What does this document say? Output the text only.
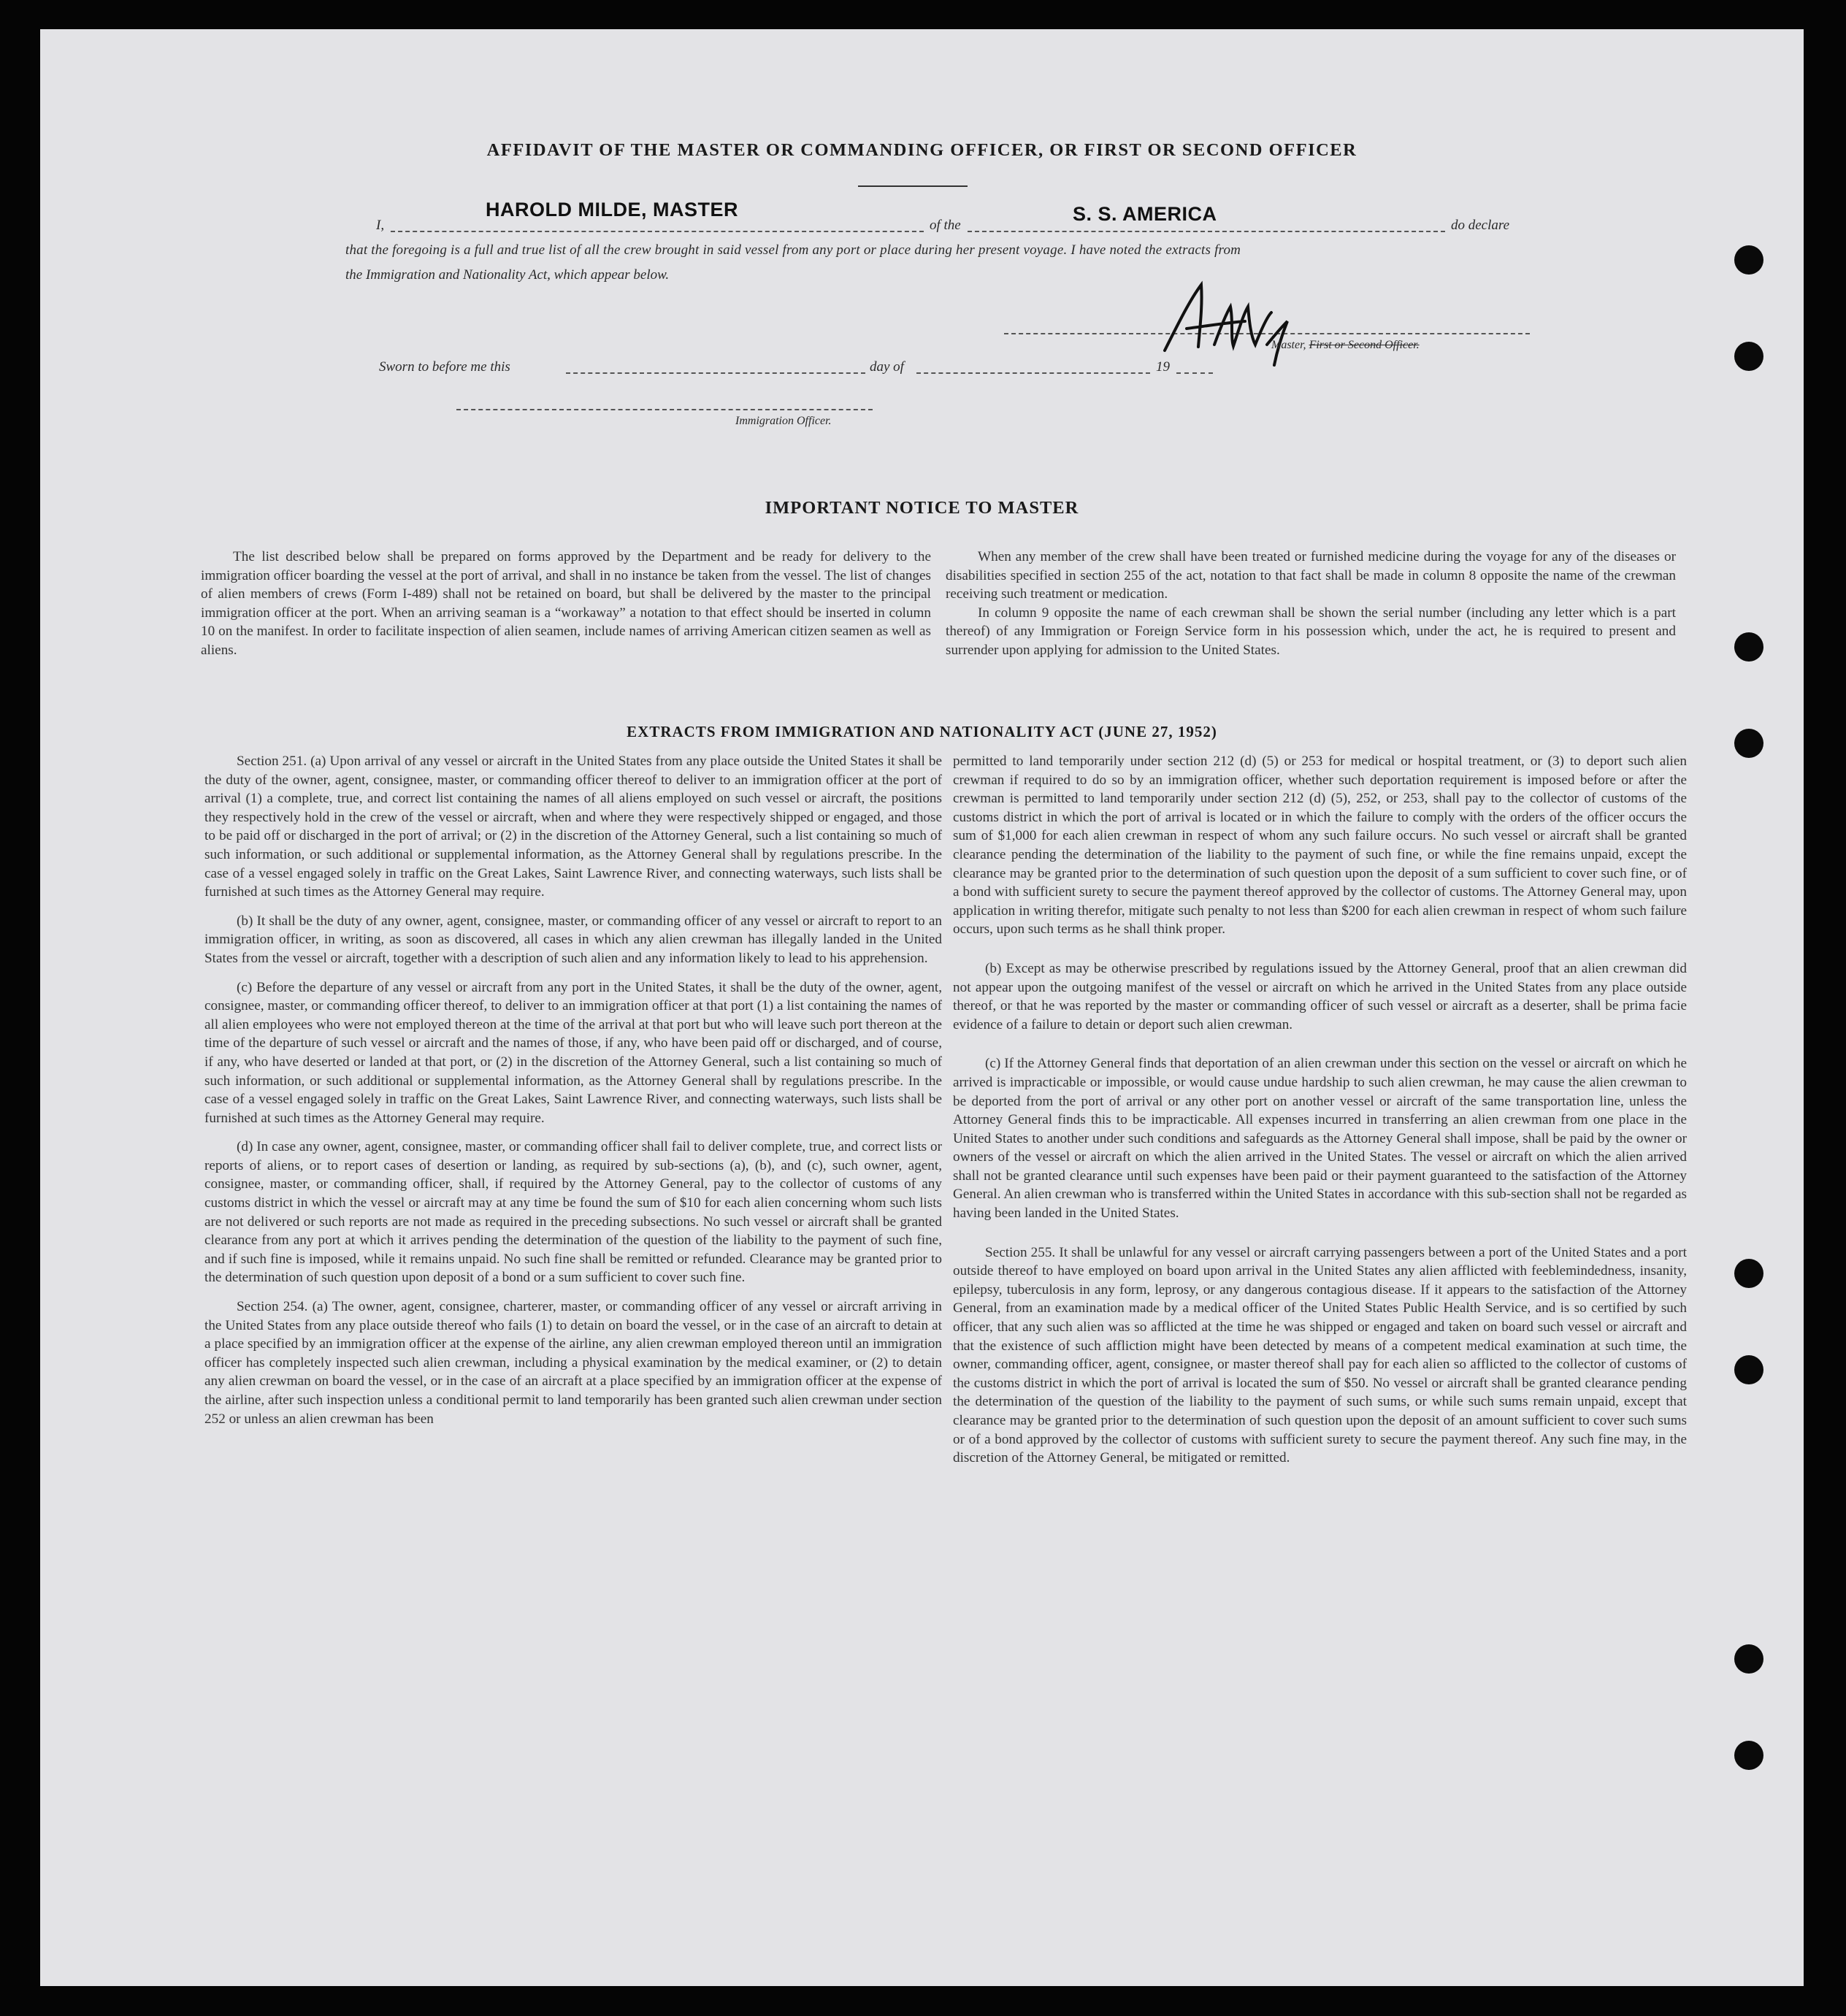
AFFIDAVIT OF THE MASTER OR COMMANDING OFFICER, OR FIRST OR SECOND OFFICER
HAROLD MILDE, MASTER	S. S. AMERICA
I,	of the	do declare
that the foregoing is a full and true list of all the crew brought in said vessel from any port or place during her present voyage. I have noted the extracts from
the Immigration and Nationality Act, which appear below.
Master, First or Second Officer.
Sworn to before me this	day of	19
Immigration Officer.
IMPORTANT NOTICE TO MASTER

The list described below shall be prepared on forms approved by the Department and be ready for delivery to the immigration officer boarding the vessel at the port of arrival, and shall in no instance be taken from the vessel. The list of changes of alien members of crews (Form I-489) shall not be retained on board, but shall be delivered by the master to the principal immigration officer at the port. When an arriving seaman is a “workaway” a notation to that effect should be inserted in column 10 on the manifest. In order to facilitate inspection of alien seamen, include names of arriving American citizen seamen as well as aliens.

When any member of the crew shall have been treated or furnished medicine during the voyage for any of the diseases or disabilities specified in section 255 of the act, notation to that fact shall be made in column 8 opposite the name of the crewman receiving such treatment or medication.

In column 9 opposite the name of each crewman shall be shown the serial number (including any letter which is a part thereof) of any Immigration or Foreign Service form in his possession which, under the act, he is required to present and surrender upon applying for admission to the United States.

EXTRACTS FROM IMMIGRATION AND NATIONALITY ACT (JUNE 27, 1952)

Section 251. (a) Upon arrival of any vessel or aircraft in the United States from any place outside the United States it shall be the duty of the owner, agent, consignee, master, or commanding officer thereof to deliver to an immigration officer at the port of arrival (1) a complete, true, and correct list containing the names of all aliens employed on such vessel or aircraft, the positions they respectively hold in the crew of the vessel or aircraft, when and where they were respectively shipped or engaged, and those to be paid off or discharged in the port of arrival; or (2) in the discretion of the Attorney General, such a list containing so much of such information, or such additional or supplemental information, as the Attorney General shall by regulations prescribe. In the case of a vessel engaged solely in traffic on the Great Lakes, Saint Lawrence River, and connecting waterways, such lists shall be furnished at such times as the Attorney General may require.

(b) It shall be the duty of any owner, agent, consignee, master, or commanding officer of any vessel or aircraft to report to an immigration officer, in writing, as soon as discovered, all cases in which any alien crewman has illegally landed in the United States from the vessel or aircraft, together with a description of such alien and any information likely to lead to his apprehension.

(c) Before the departure of any vessel or aircraft from any port in the United States, it shall be the duty of the owner, agent, consignee, master, or commanding officer thereof, to deliver to an immigration officer at that port (1) a list containing the names of all alien employees who were not employed thereon at the time of the arrival at that port but who will leave such port thereon at the time of the departure of such vessel or aircraft and the names of those, if any, who have been paid off or discharged, and of course, if any, who have deserted or landed at that port, or (2) in the discretion of the Attorney General, such a list containing so much of such information, or such additional or supplemental information, as the Attorney General shall by regulations prescribe. In the case of a vessel engaged solely in traffic on the Great Lakes, Saint Lawrence River, and connecting waterways, such lists shall be furnished at such times as the Attorney General may require.

(d) In case any owner, agent, consignee, master, or commanding officer shall fail to deliver complete, true, and correct lists or reports of aliens, or to report cases of desertion or landing, as required by sub-sections (a), (b), and (c), such owner, agent, consignee, master, or commanding officer, shall, if required by the Attorney General, pay to the collector of customs of any customs district in which the vessel or aircraft may at any time be found the sum of $10 for each alien concerning whom such lists are not delivered or such reports are not made as required in the preceding subsections. No such vessel or aircraft shall be granted clearance from any port at which it arrives pending the determination of the question of the liability to the payment of such fine, and if such fine is imposed, while it remains unpaid. No such fine shall be remitted or refunded. Clearance may be granted prior to the determination of such question upon deposit of a bond or a sum sufficient to cover such fine.

Section 254. (a) The owner, agent, consignee, charterer, master, or commanding officer of any vessel or aircraft arriving in the United States from any place outside thereof who fails (1) to detain on board the vessel, or in the case of an aircraft to detain at a place specified by an immigration officer at the expense of the airline, any alien crewman employed thereon until an immigration officer has completely inspected such alien crewman, including a physical examination by the medical examiner, or (2) to detain any alien crewman on board the vessel, or in the case of an aircraft at a place specified by an immigration officer at the expense of the airline, after such inspection unless a conditional permit to land temporarily has been granted such alien crewman under section 252 or unless an alien crewman has been

permitted to land temporarily under section 212 (d) (5) or 253 for medical or hospital treatment, or (3) to deport such alien crewman if required to do so by an immigration officer, whether such deportation requirement is imposed before or after the crewman is permitted to land temporarily under section 212 (d) (5), 252, or 253, shall pay to the collector of customs of the customs district in which the port of arrival is located or in which the failure to comply with the orders of the officer occurs the sum of $1,000 for each alien crewman in respect of whom any such failure occurs. No such vessel or aircraft shall be granted clearance pending the determination of the liability to the payment of such fine, or while the fine remains unpaid, except the clearance may be granted prior to the determination of such question upon the deposit of a sum sufficient to cover such fine, or of a bond with sufficient surety to secure the payment thereof approved by the collector of customs. The Attorney General may, upon application in writing therefor, mitigate such penalty to not less than $200 for each alien crewman in respect of whom such failure occurs, upon such terms as he shall think proper.

(b) Except as may be otherwise prescribed by regulations issued by the Attorney General, proof that an alien crewman did not appear upon the outgoing manifest of the vessel or aircraft on which he arrived in the United States from any place outside thereof, or that he was reported by the master or commanding officer of such vessel or aircraft as a deserter, shall be prima facie evidence of a failure to detain or deport such alien crewman.

(c) If the Attorney General finds that deportation of an alien crewman under this section on the vessel or aircraft on which he arrived is impracticable or impossible, or would cause undue hardship to such alien crewman, he may cause the alien crewman to be deported from the port of arrival or any other port on another vessel or aircraft of the same transportation line, unless the Attorney General finds this to be impracticable. All expenses incurred in transferring an alien crewman from one place in the United States to another under such conditions and safeguards as the Attorney General shall impose, shall be paid by the owner or owners of the vessel or aircraft on which the alien arrived in the United States. The vessel or aircraft on which the alien arrived shall not be granted clearance until such expenses have been paid or their payment guaranteed to the satisfaction of the Attorney General. An alien crewman who is transferred within the United States in accordance with this sub-section shall not be regarded as having been landed in the United States.

Section 255. It shall be unlawful for any vessel or aircraft carrying passengers between a port of the United States and a port outside thereof to have employed on board upon arrival in the United States any alien afflicted with feeblemindedness, insanity, epilepsy, tuberculosis in any form, leprosy, or any dangerous contagious disease. If it appears to the satisfaction of the Attorney General, from an examination made by a medical officer of the United States Public Health Service, and is so certified by such officer, that any such alien was so afflicted at the time he was shipped or engaged and taken on board such vessel or aircraft and that the existence of such affliction might have been detected by means of a competent medical examination at such time, the owner, commanding officer, agent, consignee, or master thereof shall pay for each alien so afflicted to the collector of customs of the customs district in which the port of arrival is located the sum of $50. No vessel or aircraft shall be granted clearance pending the determination of the question of the liability to the payment of such sums, or while such sums remain unpaid, except that clearance may be granted prior to the determination of such question upon the deposit of an amount sufficient to cover such sums or of a bond approved by the collector of customs with sufficient surety to secure the payment thereof. Any such fine may, in the discretion of the Attorney General, be mitigated or remitted.
